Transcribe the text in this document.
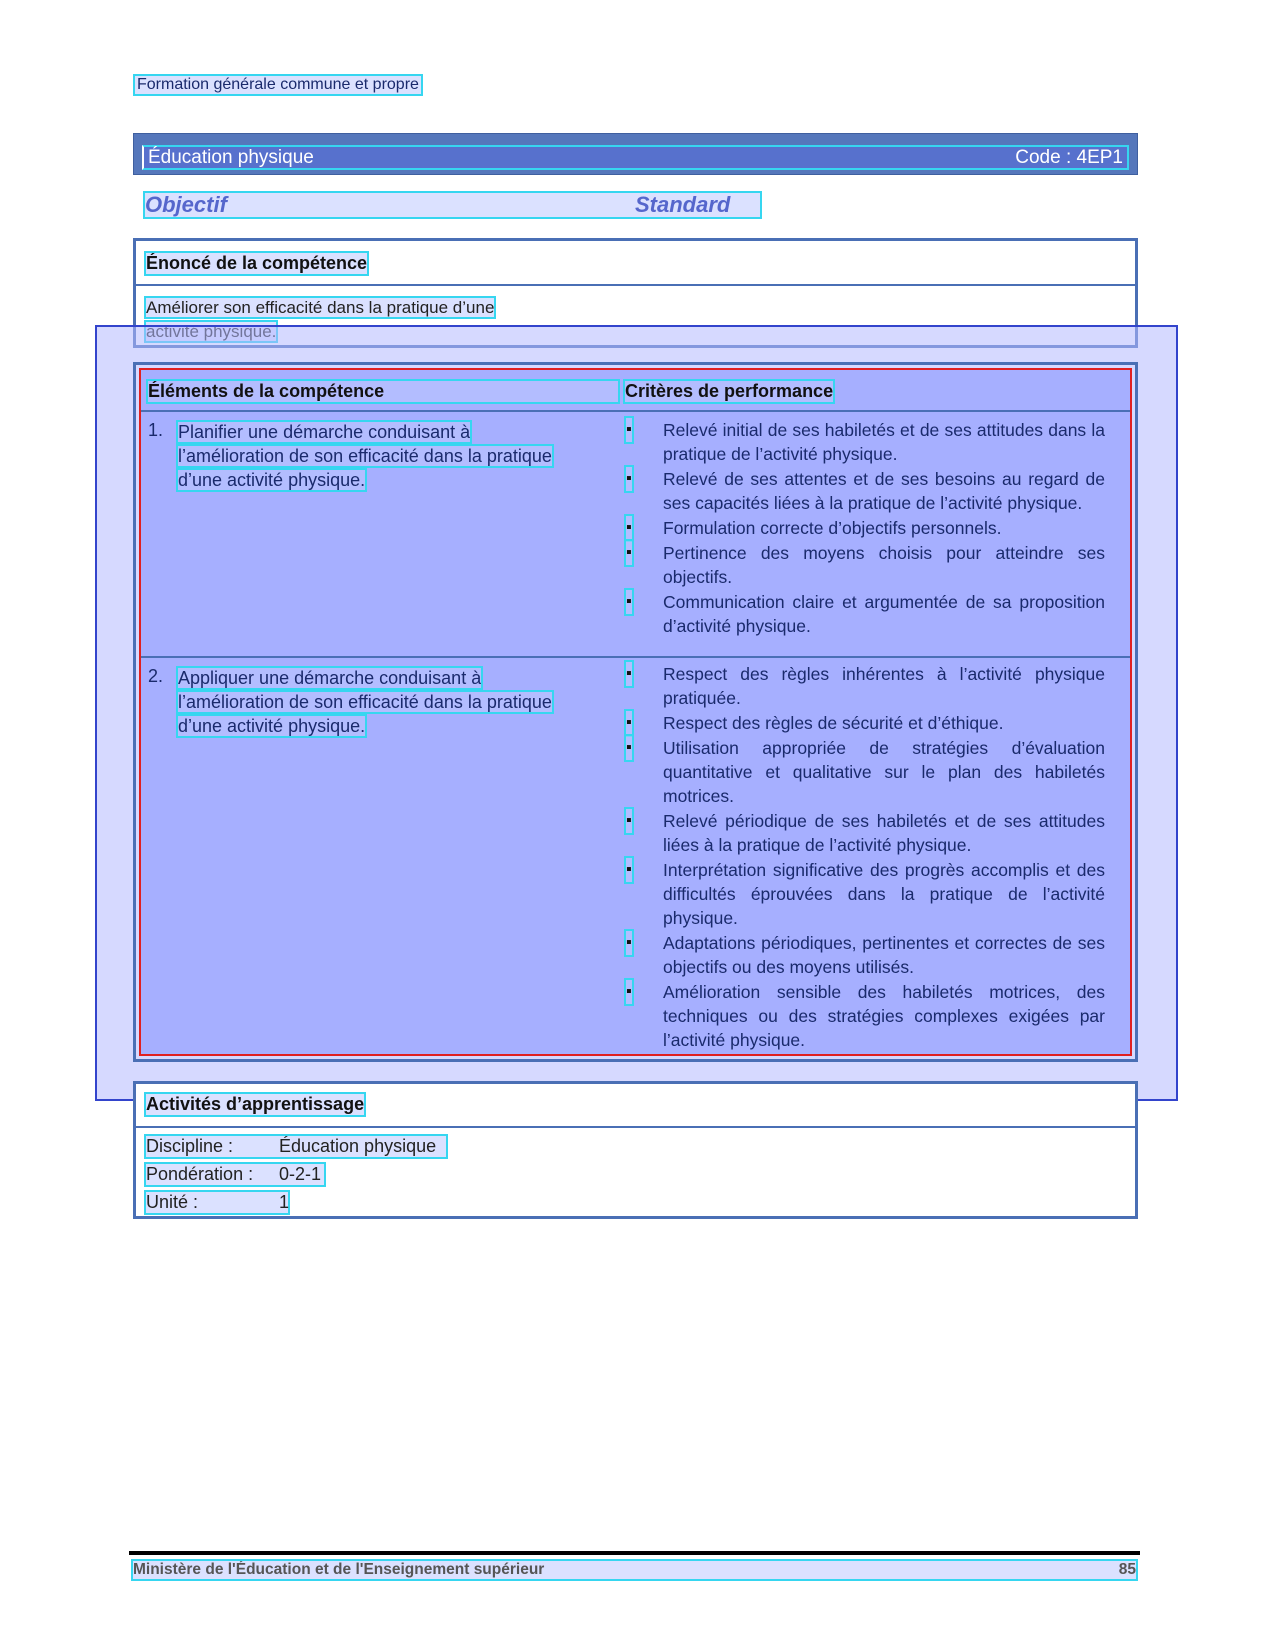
Formation générale commune et propre
Éducation physique	Code : 4EP1
Objectif	Standard
Énoncé de la compétence
Améliorer son efficacité dans la pratique d’une

Éléments de la compétence	Critères de performance
1. Planifier une démarche conduisant à
l’amélioration de son efficacité dans la pratique
d’une activité physique.
▪ Relevé initial de ses habiletés et de ses attitudes dans la pratique de l’activité physique.
▪ Relevé de ses attentes et de ses besoins au regard de ses capacités liées à la pratique de l’activité physique.
▪ Formulation correcte d’objectifs personnels.
▪ Pertinence des moyens choisis pour atteindre ses objectifs.
▪ Communication claire et argumentée de sa proposition d’activité physique.
2. Appliquer une démarche conduisant à
l’amélioration de son efficacité dans la pratique
d’une activité physique.
▪ Respect des règles inhérentes à l’activité physique pratiquée.
▪ Respect des règles de sécurité et d’éthique.
▪ Utilisation appropriée de stratégies d’évaluation quantitative et qualitative sur le plan des habiletés motrices.
▪ Relevé périodique de ses habiletés et de ses attitudes liées à la pratique de l’activité physique.
▪ Interprétation significative des progrès accomplis et des difficultés éprouvées dans la pratique de l’activité physique.
▪ Adaptations périodiques, pertinentes et correctes de ses objectifs ou des moyens utilisés.
▪ Amélioration sensible des habiletés motrices, des techniques ou des stratégies complexes exigées par l’activité physique.
Activités d’apprentissage
Discipline :	Éducation physique
Pondération : 0-2-1
Unité :	1
Ministère de l'Éducation et de l'Enseignement supérieur	85
